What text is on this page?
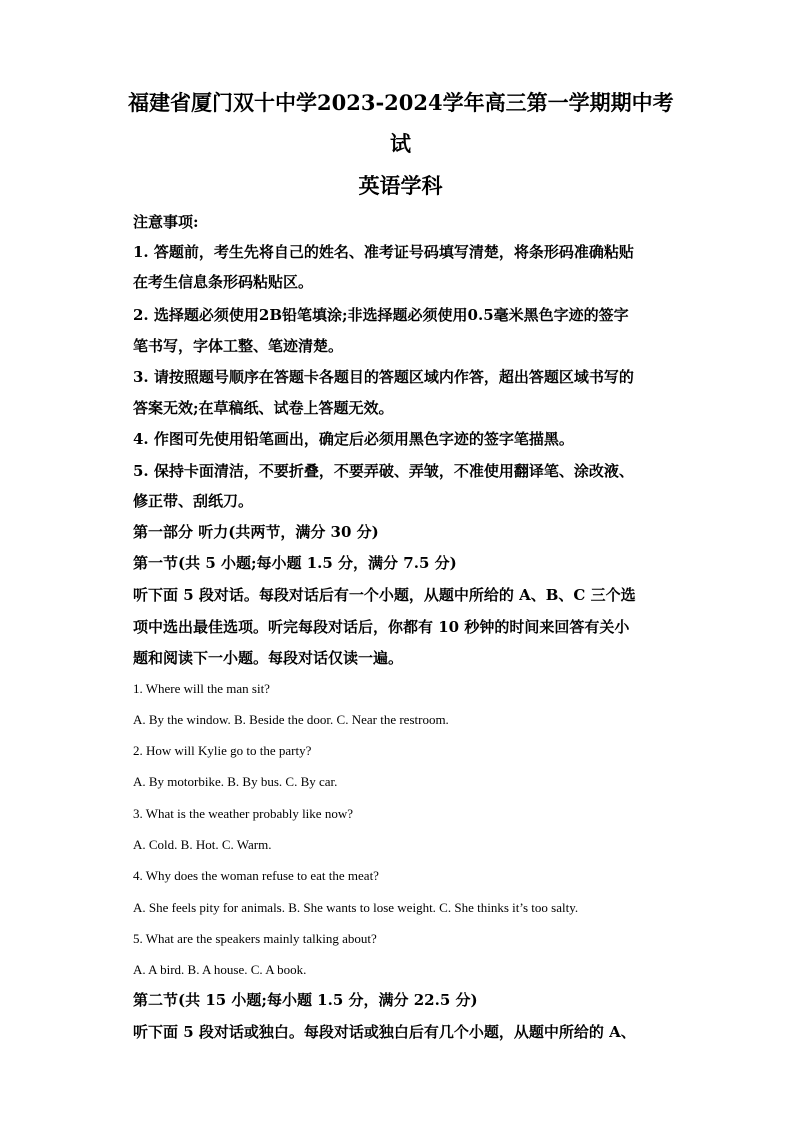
福建省厦门双十中学2023-2024学年高三第一学期期中考
试
英语学科
注意事项:
1. 答题前，考生先将自己的姓名、准考证号码填写清楚，将条形码准确粘贴
在考生信息条形码粘贴区。
2. 选择题必须使用2B铅笔填涂;非选择题必须使用0.5毫米黑色字迹的签字
笔书写，字体工整、笔迹清楚。
3. 请按照题号顺序在答题卡各题目的答题区域内作答，超出答题区域书写的
答案无效;在草稿纸、试卷上答题无效。
4. 作图可先使用铅笔画出，确定后必须用黑色字迹的签字笔描黑。
5. 保持卡面清洁，不要折叠，不要弄破、弄皱，不准使用翻译笔、涂改液、
修正带、刮纸刀。
第一部分 听力(共两节，满分 30 分)
第一节(共 5 小题;每小题 1.5 分，满分 7.5 分)
听下面 5 段对话。每段对话后有一个小题，从题中所给的 A、B、C 三个选
项中选出最佳选项。听完每段对话后，你都有 10 秒钟的时间来回答有关小
题和阅读下一小题。每段对话仅读一遍。
1. Where will the man sit?
A. By the window. B. Beside the door. C. Near the restroom.
2. How will Kylie go to the party?
A. By motorbike. B. By bus. C. By car.
3. What is the weather probably like now?
A. Cold. B. Hot. C. Warm.
4. Why does the woman refuse to eat the meat?
A. She feels pity for animals. B. She wants to lose weight. C. She thinks it’s too salty.
5. What are the speakers mainly talking about?
A. A bird. B. A house. C. A book.
第二节(共 15 小题;每小题 1.5 分，满分 22.5 分)
听下面 5 段对话或独白。每段对话或独白后有几个小题，从题中所给的 A、
